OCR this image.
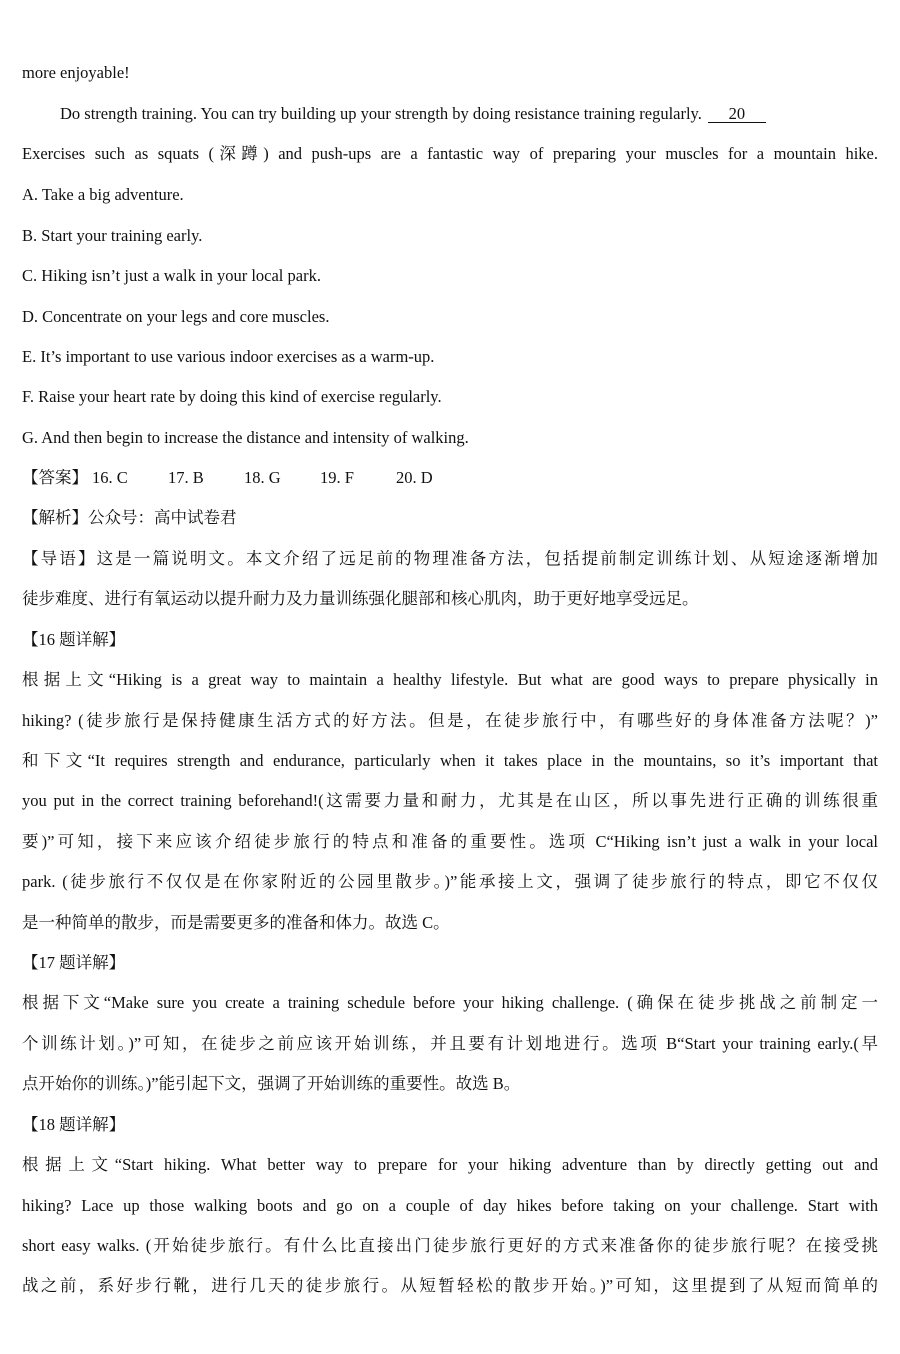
more enjoyable!
Do strength training. You can try building up your strength by doing resistance training regularly. 20
Exercises such as squats (深蹲) and push-ups are a fantastic way of preparing your muscles for a mountain hike.
A. Take a big adventure.
B. Start your training early.
C. Hiking isn’t just a walk in your local park.
D. Concentrate on your legs and core muscles.
E. It’s important to use various indoor exercises as a warm-up.
F. Raise your heart rate by doing this kind of exercise regularly.
G. And then begin to increase the distance and intensity of walking.
【答案】 16. C 17. B 18. G 19. F	20. D
【解析】公众号：高中试卷君
【导语】这是一篇说明文。本文介绍了远足前的物理准备方法，包括提前制定训练计划、从短途逐渐增加
徒步难度、进行有氧运动以提升耐力及力量训练强化腿部和核心肌肉，助于更好地享受远足。
【16 题详解】
根据上文“Hiking is a great way to maintain a healthy lifestyle. But what are good ways to prepare physically in
hiking? (徒步旅行是保持健康生活方式的好方法。但是，在徒步旅行中，有哪些好的身体准备方法呢？)”
和下文“It requires strength and endurance, particularly when it takes place in the mountains, so it’s important that
you put in the correct training beforehand!(这需要力量和耐力，尤其是在山区，所以事先进行正确的训练很重
要)”可知，接下来应该介绍徒步旅行的特点和准备的重要性。选项 C“Hiking isn’t just a walk in your local
park. (徒步旅行不仅仅是在你家附近的公园里散步。)”能承接上文，强调了徒步旅行的特点，即它不仅仅
是一种简单的散步，而是需要更多的准备和体力。故选 C。
【17 题详解】
根据下文“Make sure you create a training schedule before your hiking challenge. (确保在徒步挑战之前制定一
个训练计划。)”可知，在徒步之前应该开始训练，并且要有计划地进行。选项 B“Start your training early.(早
点开始你的训练。)”能引起下文，强调了开始训练的重要性。故选 B。
【18 题详解】
根据上文“Start hiking. What better way to prepare for your hiking adventure than by directly getting out and
hiking? Lace up those walking boots and go on a couple of day hikes before taking on your challenge. Start with
short easy walks. (开始徒步旅行。有什么比直接出门徒步旅行更好的方式来准备你的徒步旅行呢？在接受挑
战之前，系好步行靴，进行几天的徒步旅行。从短暂轻松的散步开始。)”可知，这里提到了从短而简单的
